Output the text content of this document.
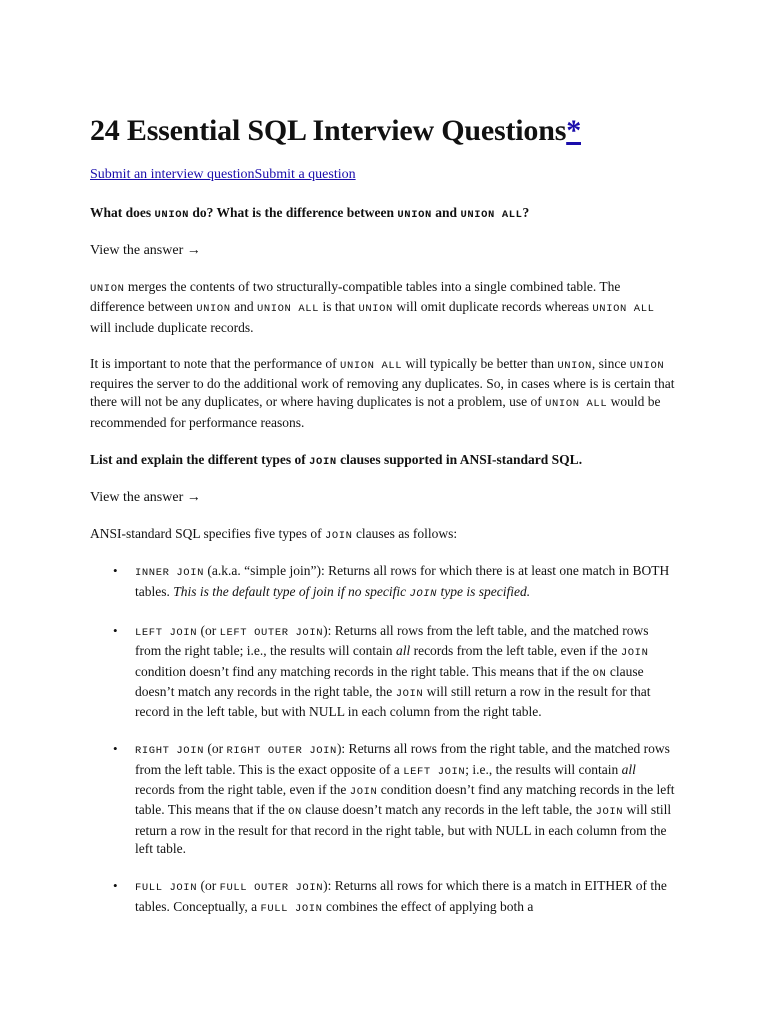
24 Essential SQL Interview Questions*
Submit an interview questionSubmit a question

What does UNION do? What is the difference between UNION and UNION ALL?

View the answer →

UNION merges the contents of two structurally-compatible tables into a single combined table. The difference between UNION and UNION ALL is that UNION will omit duplicate records whereas UNION ALL will include duplicate records.

It is important to note that the performance of UNION ALL will typically be better than UNION, since UNION requires the server to do the additional work of removing any duplicates. So, in cases where is is certain that there will not be any duplicates, or where having duplicates is not a problem, use of UNION ALL would be recommended for performance reasons.

List and explain the different types of JOIN clauses supported in ANSI-standard SQL.

View the answer →

ANSI-standard SQL specifies five types of JOIN clauses as follows:

• INNER JOIN (a.k.a. “simple join”): Returns all rows for which there is at least one match in BOTH tables. This is the default type of join if no specific JOIN type is specified.
• LEFT JOIN (or LEFT OUTER JOIN): Returns all rows from the left table, and the matched rows from the right table; i.e., the results will contain all records from the left table, even if the JOIN condition doesn’t find any matching records in the right table. This means that if the ON clause doesn’t match any records in the right table, the JOIN will still return a row in the result for that record in the left table, but with NULL in each column from the right table.
• RIGHT JOIN (or RIGHT OUTER JOIN): Returns all rows from the right table, and the matched rows from the left table. This is the exact opposite of a LEFT JOIN; i.e., the results will contain all records from the right table, even if the JOIN condition doesn’t find any matching records in the left table. This means that if the ON clause doesn’t match any records in the left table, the JOIN will still return a row in the result for that record in the right table, but with NULL in each column from the left table.
• FULL JOIN (or FULL OUTER JOIN): Returns all rows for which there is a match in EITHER of the tables. Conceptually, a FULL JOIN combines the effect of applying both a
